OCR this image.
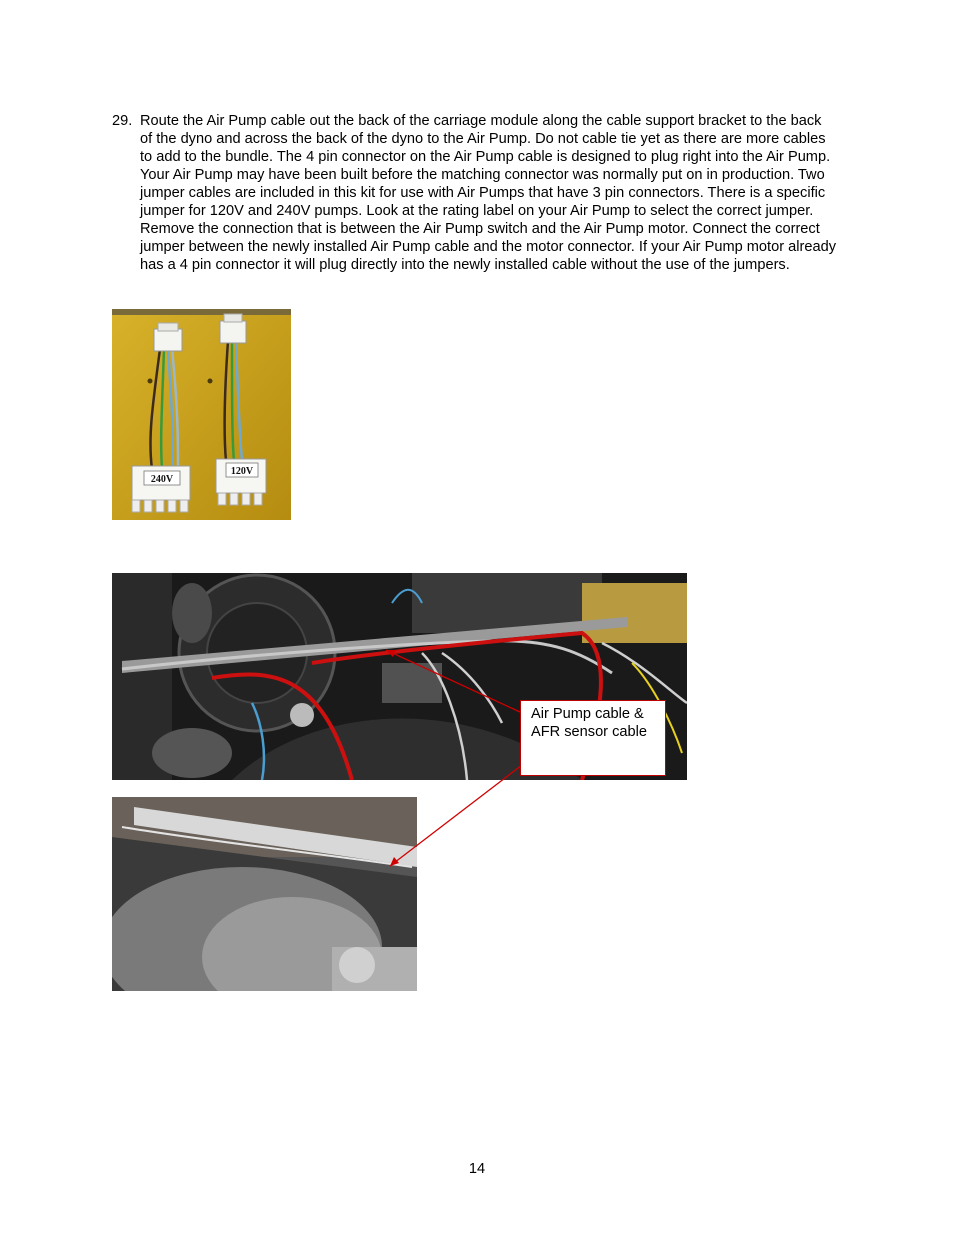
29. Route the Air Pump cable out the back of the carriage module along the cable support bracket to the back of the dyno and across the back of the dyno to the Air Pump. Do not cable tie yet as there are more cables to add to the bundle. The 4 pin connector on the Air Pump cable is designed to plug right into the Air Pump. Your Air Pump may have been built before the matching connector was normally put on in production. Two jumper cables are included in this kit for use with Air Pumps that have 3 pin connectors. There is a specific jumper for 120V and 240V pumps. Look at the rating label on your Air Pump to select the correct jumper. Remove the connection that is between the Air Pump switch and the Air Pump motor. Connect the correct jumper between the newly installed Air Pump cable and the motor connector. If your Air Pump motor already has a 4 pin connector it will plug directly into the newly installed cable without the use of the jumpers.
240V
120V
Air Pump cable &
AFR sensor cable
14
